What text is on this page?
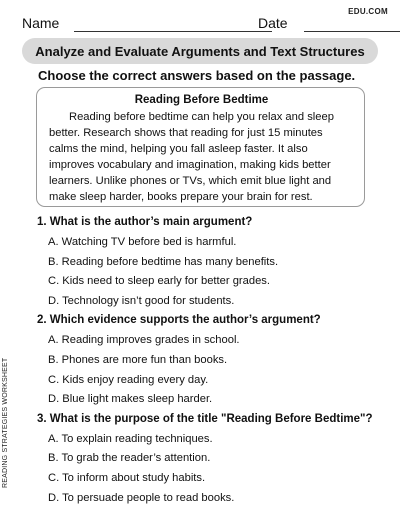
Name	Date
EDU.COM
Analyze and Evaluate Arguments and Text Structures
Choose the correct answers based on the passage.
Reading Before Bedtime

Reading before bedtime can help you relax and sleep better. Research shows that reading for just 15 minutes calms the mind, helping you fall asleep faster. It also improves vocabulary and imagination, making kids better learners. Unlike phones or TVs, which emit blue light and make sleep harder, books prepare your brain for rest.

1. What is the author’s main argument?
A. Watching TV before bed is harmful.
B. Reading before bedtime has many benefits.
C. Kids need to sleep early for better grades.
D. Technology isn’t good for students.
2. Which evidence supports the author’s argument?
A. Reading improves grades in school.
B. Phones are more fun than books.
C. Kids enjoy reading every day.
D. Blue light makes sleep harder.
3. What is the purpose of the title "Reading Before Bedtime"?
A. To explain reading techniques.
B. To grab the reader’s attention.
C. To inform about study habits.
D. To persuade people to read books.
READING STRATEGIES WORKSHEET
